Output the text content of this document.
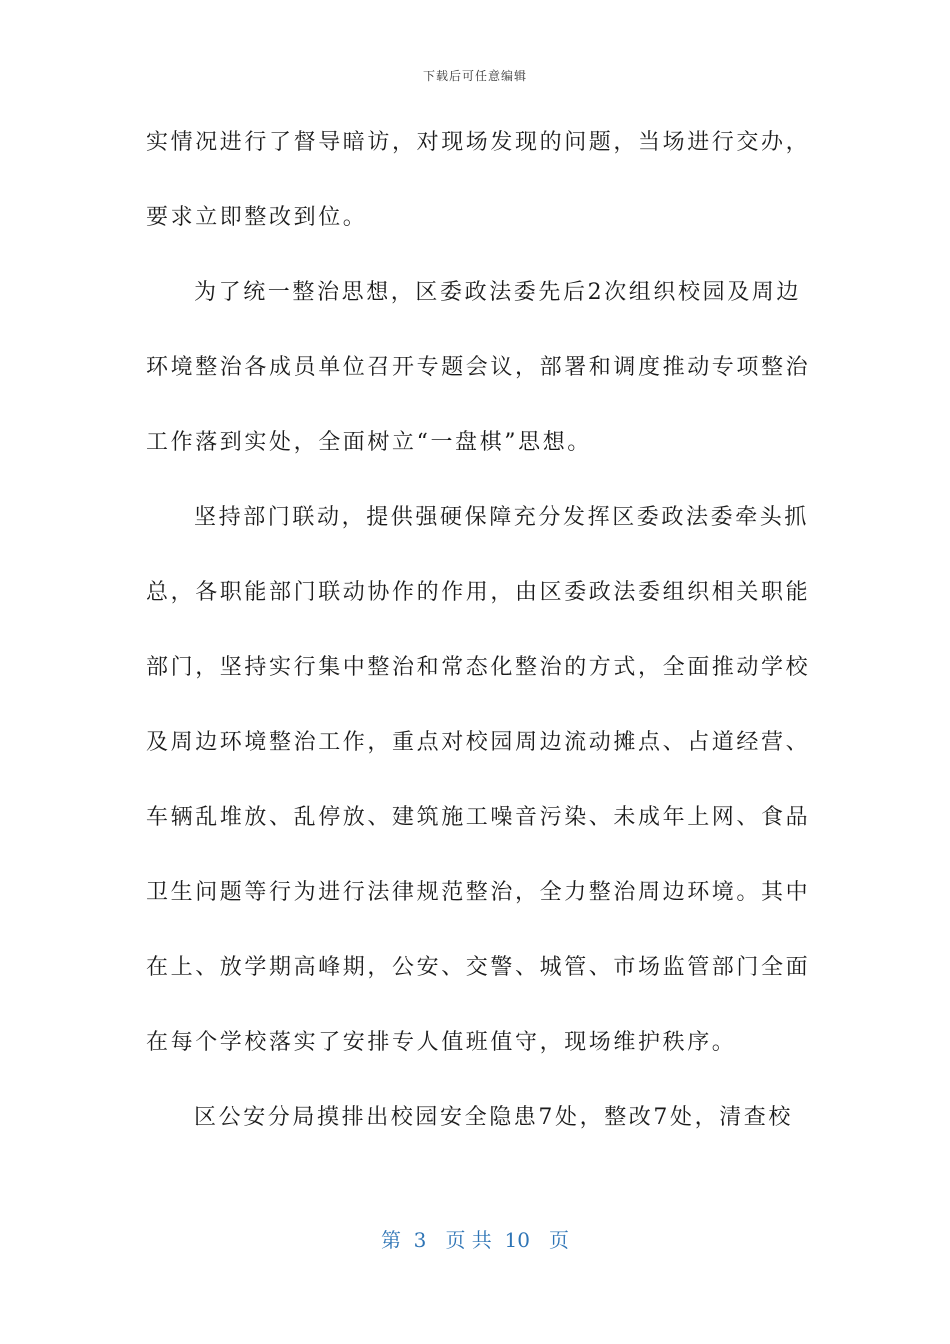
下载后可任意编辑
实情况进行了督导暗访，对现场发现的问题，当场进行交办，
要求立即整改到位。
为了统一整治思想，区委政法委先后2次组织校园及周边
环境整治各成员单位召开专题会议，部署和调度推动专项整治
工作落到实处，全面树立“一盘棋”思想。
坚持部门联动，提供强硬保障充分发挥区委政法委牵头抓
总，各职能部门联动协作的作用，由区委政法委组织相关职能
部门，坚持实行集中整治和常态化整治的方式，全面推动学校
及周边环境整治工作，重点对校园周边流动摊点、占道经营、
车辆乱堆放、乱停放、建筑施工噪音污染、未成年上网、食品
卫生问题等行为进行法律规范整治，全力整治周边环境。其中
在上、放学期高峰期，公安、交警、城管、市场监管部门全面
在每个学校落实了安排专人值班值守，现场维护秩序。
区公安分局摸排出校园安全隐患7处，整改7处，清查校
第  3   页 共  10   页
